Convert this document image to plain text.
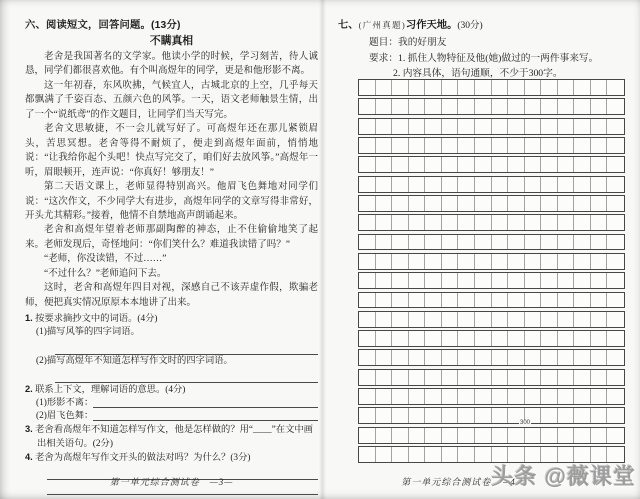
六、阅读短文，回答问题。(13分)
不瞒真相

老舍是我国著名的文学家。他读小学的时候，学习刻苦，待人诚恳，同学们都很喜欢他。有个叫高煜年的同学，更是和他形影不离。

这一年初春，东风吹拂，气候宜人，古城北京的上空，几乎每天都飘满了千姿百态、五颜六色的风筝。一天，语文老师触景生情，出了一个“说纸鸢”的作文题目，让同学们当天写完。

老舍文思敏捷，不一会儿就写好了。可高煜年还在那儿紧锁眉头，苦思冥想。老舍等得不耐烦了，便走到高煜年面前，悄悄地说：“让我给你起个头吧！快点写完交了，咱们好去放风筝。”高煜年一听，眉眼顿开，连声说：“你真好！够朋友！”

第二天语文课上，老师显得特别高兴。他眉飞色舞地对同学们说：“这次作文，不少同学大有进步，高煜年同学的文章写得非常好，开头尤其精彩。”接着，他情不自禁地高声朗诵起来。

老舍和高煜年望着老师那副陶醉的神态，止不住偷偷地笑了起来。老师发现后，奇怪地问：“你们笑什么？难道我读错了吗？”

“老师，你没读错，不过……”

“不过什么？”老师追问下去。

这时，老舍和高煜年四目对视，深感自己不该弄虚作假，欺骗老师，便把真实情况原原本本地讲了出来。

1. 按要求摘抄文中的词语。(4分)
(1)描写风筝的四字词语。
(2)描写高煜年不知道怎样写作文时的四字词语。
2. 联系上下文，理解词语的意思。(4分)
(1)形影不离：
(2)眉飞色舞：
3. 老舍看高煜年不知道怎样写作文，他是怎样做的？用“____”在文中画出相关语句。(2分)
4. 老舍为高煜年写作文开头的做法对吗？为什么？(3分)
第一单元综合测试卷　—3—
七、(广州真题)习作天地。(30分)
题目：我的好朋友
要求：1. 抓住人物特征及他(她)做过的一两件事来写。
2. 内容具体，语句通顺，不少于300字。
300
第一单元综合测试卷　—4—
头条 @薇课堂
